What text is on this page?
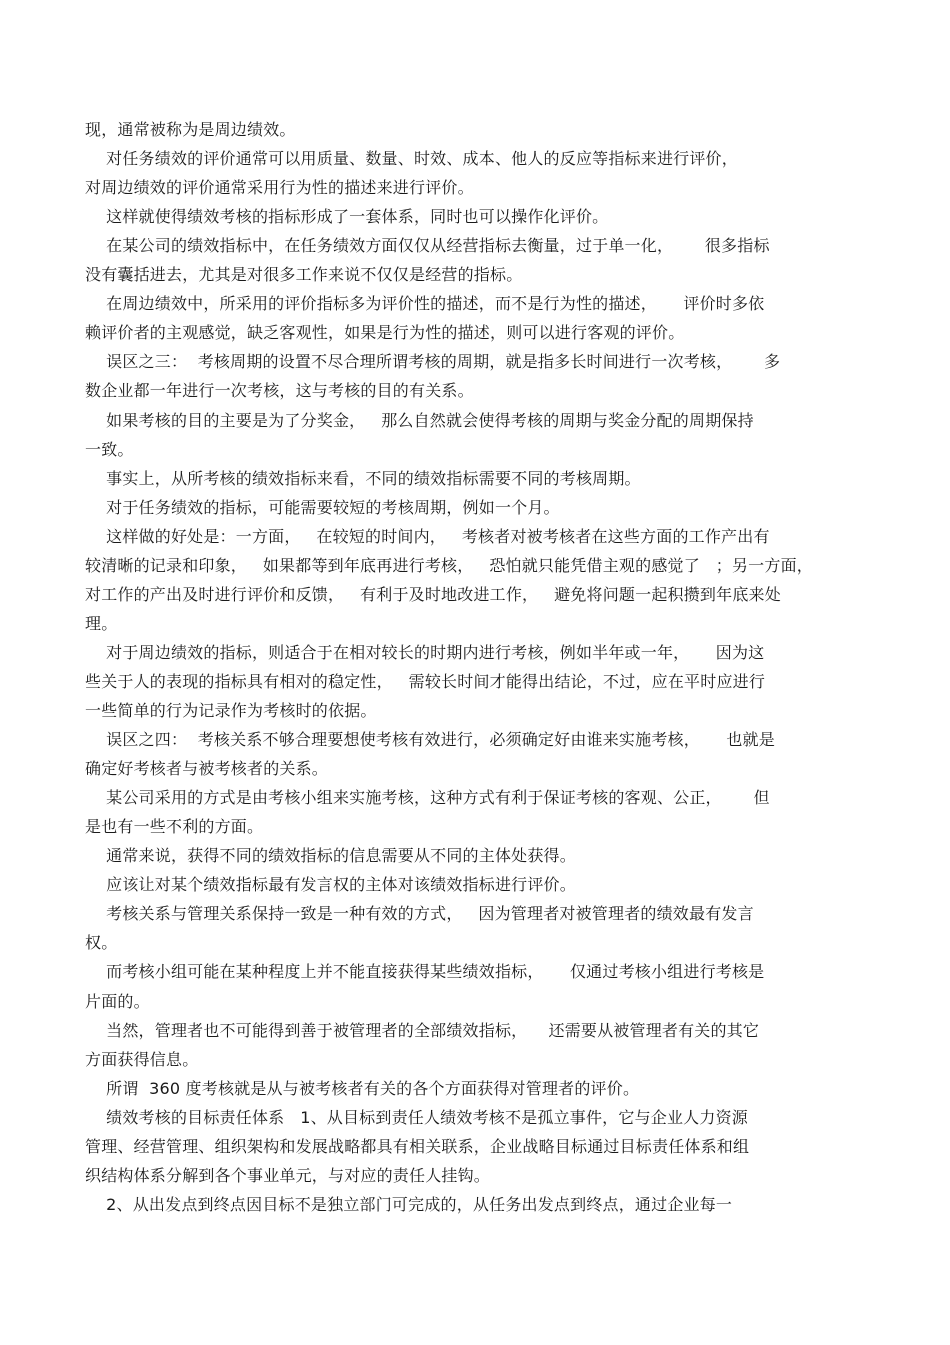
现，通常被称为是周边绩效。
对任务绩效的评价通常可以用质量、数量、时效、成本、他人的反应等指标来进行评价，
对周边绩效的评价通常采用行为性的描述来进行评价。
这样就使得绩效考核的指标形成了一套体系，同时也可以操作化评价。
在某公司的绩效指标中，在任务绩效方面仅仅从经营指标去衡量，过于单一化，      很多指标
没有囊括进去，尤其是对很多工作来说不仅仅是经营的指标。
在周边绩效中，所采用的评价指标多为评价性的描述，而不是行为性的描述，     评价时多依
赖评价者的主观感觉，缺乏客观性，如果是行为性的描述，则可以进行客观的评价。
误区之三：  考核周期的设置不尽合理所谓考核的周期，就是指多长时间进行一次考核，      多
数企业都一年进行一次考核，这与考核的目的有关系。
如果考核的目的主要是为了分奖金，   那么自然就会使得考核的周期与奖金分配的周期保持
一致。
事实上，从所考核的绩效指标来看，不同的绩效指标需要不同的考核周期。
对于任务绩效的指标，可能需要较短的考核周期，例如一个月。
这样做的好处是：一方面，   在较短的时间内，   考核者对被考核者在这些方面的工作产出有
较清晰的记录和印象，   如果都等到年底再进行考核，   恐怕就只能凭借主观的感觉了   ；另一方面，
对工作的产出及时进行评价和反馈，   有利于及时地改进工作，   避免将问题一起积攒到年底来处
理。
对于周边绩效的指标，则适合于在相对较长的时期内进行考核，例如半年或一年，     因为这
些关于人的表现的指标具有相对的稳定性，   需较长时间才能得出结论，不过，应在平时应进行
一些简单的行为记录作为考核时的依据。
误区之四：  考核关系不够合理要想使考核有效进行，必须确定好由谁来实施考核，     也就是
确定好考核者与被考核者的关系。
某公司采用的方式是由考核小组来实施考核，这种方式有利于保证考核的客观、公正，      但
是也有一些不利的方面。
通常来说，获得不同的绩效指标的信息需要从不同的主体处获得。
应该让对某个绩效指标最有发言权的主体对该绩效指标进行评价。
考核关系与管理关系保持一致是一种有效的方式，   因为管理者对被管理者的绩效最有发言
权。
而考核小组可能在某种程度上并不能直接获得某些绩效指标，     仅通过考核小组进行考核是
片面的。
当然，管理者也不可能得到善于被管理者的全部绩效指标，    还需要从被管理者有关的其它
方面获得信息。
所谓  360 度考核就是从与被考核者有关的各个方面获得对管理者的评价。
绩效考核的目标责任体系   1、从目标到责任人绩效考核不是孤立事件，它与企业人力资源
管理、经营管理、组织架构和发展战略都具有相关联系，企业战略目标通过目标责任体系和组
织结构体系分解到各个事业单元，与对应的责任人挂钩。
2、从出发点到终点因目标不是独立部门可完成的，从任务出发点到终点，通过企业每一
